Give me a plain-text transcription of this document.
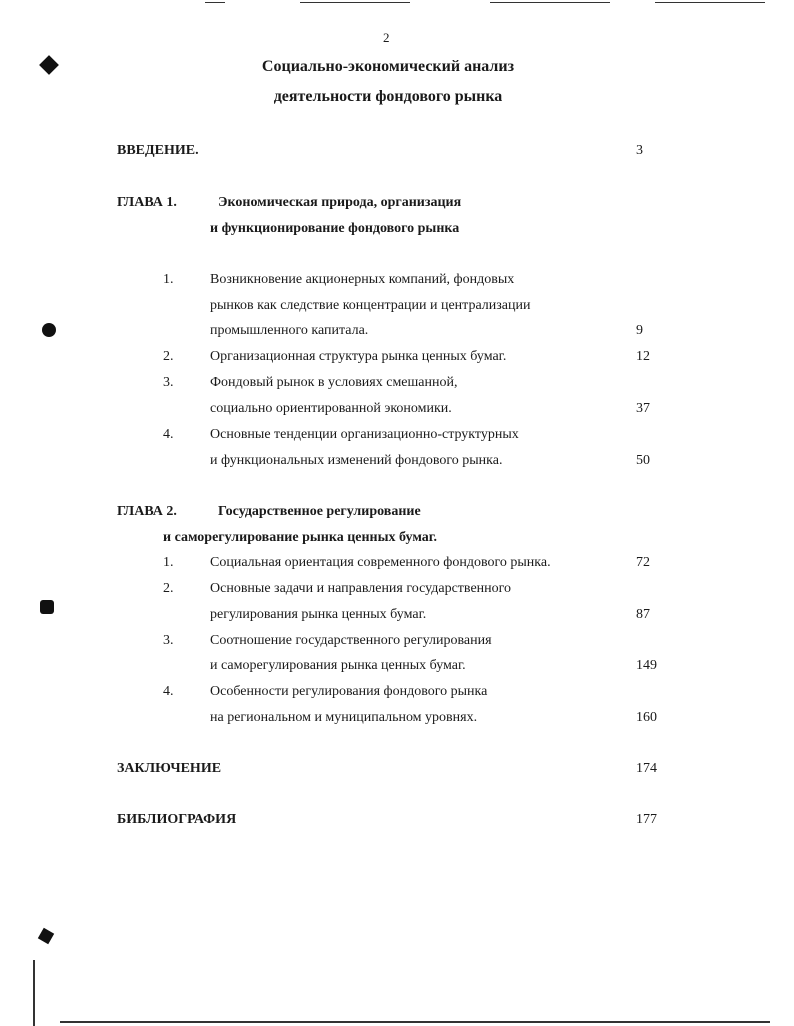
2
Социально-экономический анализ
деятельности фондового рынка
ВВЕДЕНИЕ.	3
ГЛАВА 1.	Экономическая природа, организация
и функционирование фондового рынка
1.	Возникновение акционерных компаний, фондовых
рынков как следствие концентрации и централизации
промышленного капитала.	9
2.	Организационная структура рынка ценных бумаг.	12
3.	Фондовый рынок в условиях смешанной,
социально ориентированной экономики.	37
4.	Основные тенденции организационно-структурных
и функциональных изменений фондового рынка.	50
ГЛАВА 2.	Государственное регулирование
и саморегулирование рынка ценных бумаг.
1.	Социальная ориентация современного фондового рынка.	72
2.	Основные задачи и направления государственного
регулирования рынка ценных бумаг.	87
3.	Соотношение государственного регулирования
и саморегулирования рынка ценных бумаг.	149
4.	Особенности регулирования фондового рынка
на региональном и муниципальном уровнях.	160
ЗАКЛЮЧЕНИЕ	174
БИБЛИОГРАФИЯ	177
